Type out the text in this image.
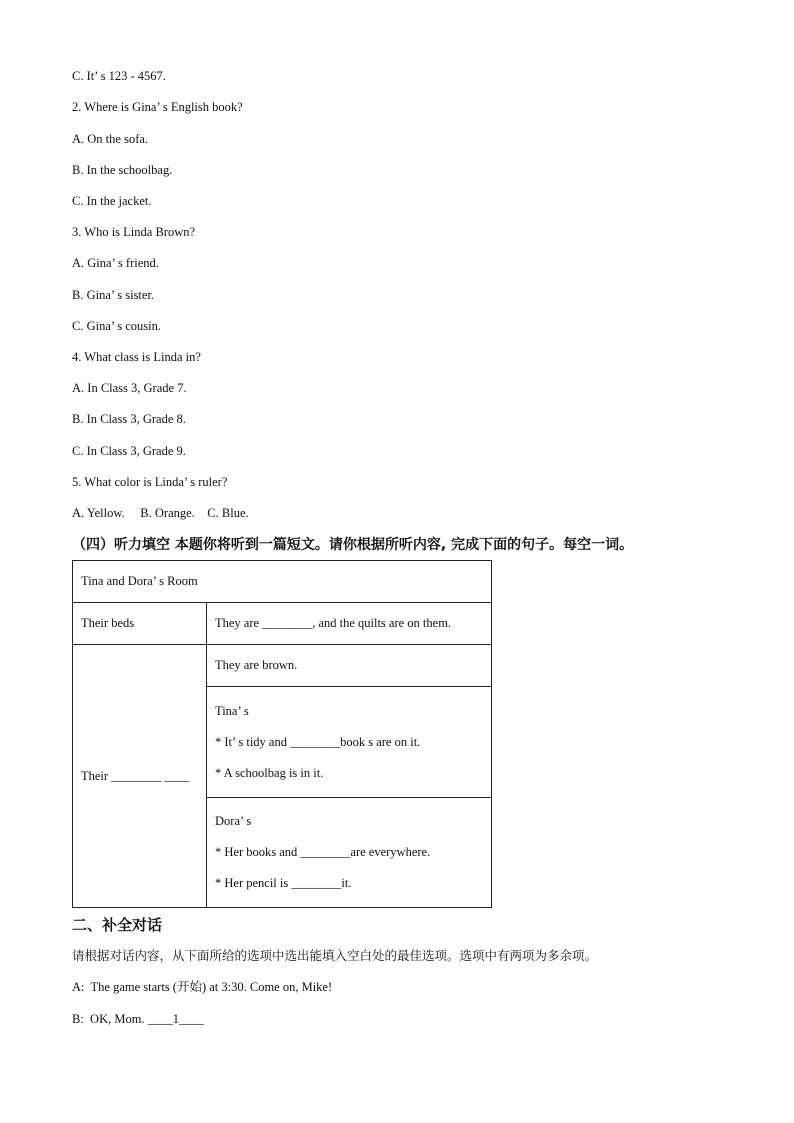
C. It’ s 123 - 4567.
2. Where is Gina’ s English book?
A. On the sofa.
B. In the schoolbag.
C. In the jacket.
3. Who is Linda Brown?
A. Gina’ s friend.
B. Gina’ s sister.
C. Gina’ s cousin.
4. What class is Linda in?
A. In Class 3, Grade 7.
B. In Class 3, Grade 8.
C. In Class 3, Grade 9.
5. What color is Linda’ s ruler?
A. Yellow.     B. Orange.    C. Blue.
（四）听力填空 本题你将听到一篇短文。请你根据所听内容, 完成下面的句子。每空一词。
Tina and Dora’ s Room	
Their beds	They are ________, and the quilts are on them.
Their ________ ____	They are brown.

	Tina’ s
* It’ s tidy and ________book s are on it.
* A schoolbag is in it.

	Dora’ s
* Her books and ________are everywhere.
* Her pencil is ________it.
二、补全对话
请根据对话内容，从下面所给的选项中选出能填入空白处的最佳选项。选项中有两项为多余项。
A:  The game starts (开始) at 3:30. Come on, Mike!
B:  OK, Mom. ____1____
